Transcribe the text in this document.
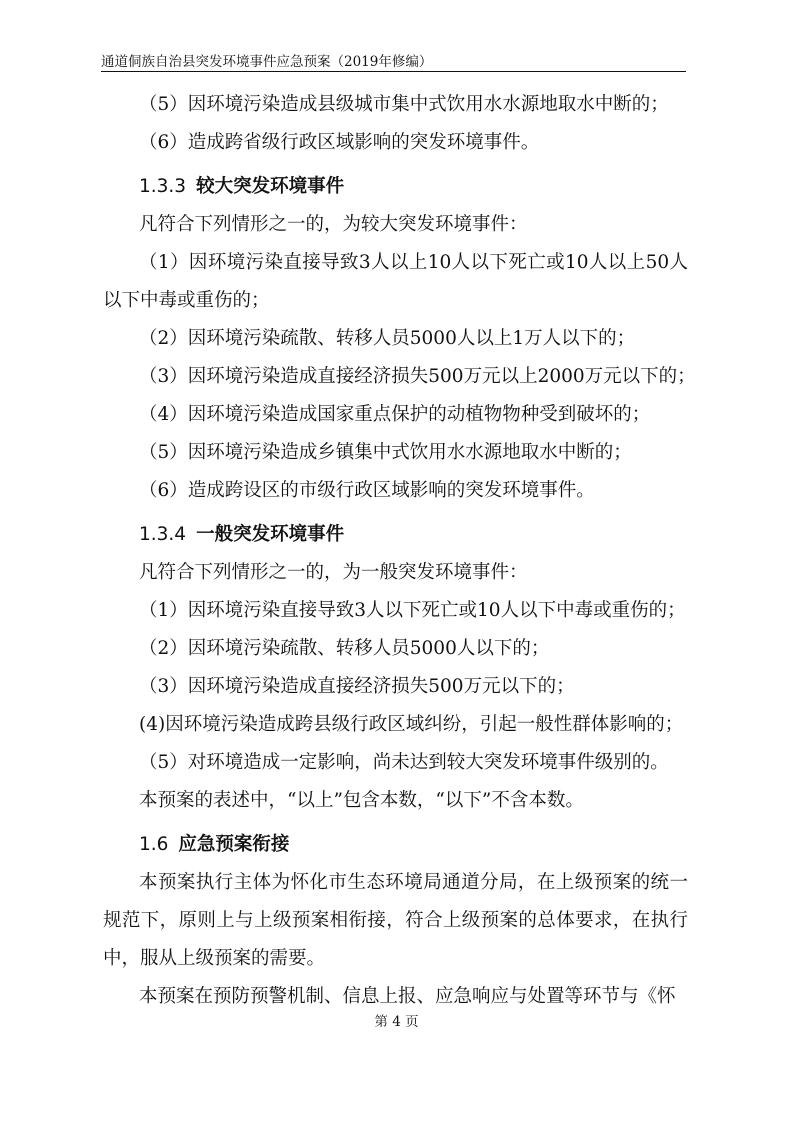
通道侗族自治县突发环境事件应急预案（2019年修编）

（5）因环境污染造成县级城市集中式饮用水水源地取水中断的；

（6）造成跨省级行政区域影响的突发环境事件。

1.3.3 较大突发环境事件

凡符合下列情形之一的，为较大突发环境事件：

（1）因环境污染直接导致3人以上10人以下死亡或10人以上50人以下中毒或重伤的；

（2）因环境污染疏散、转移人员5000人以上1万人以下的；

（3）因环境污染造成直接经济损失500万元以上2000万元以下的；

（4）因环境污染造成国家重点保护的动植物物种受到破坏的；

（5）因环境污染造成乡镇集中式饮用水水源地取水中断的；

（6）造成跨设区的市级行政区域影响的突发环境事件。

1.3.4 一般突发环境事件

凡符合下列情形之一的，为一般突发环境事件：

（1）因环境污染直接导致3人以下死亡或10人以下中毒或重伤的；

（2）因环境污染疏散、转移人员5000人以下的；

（3）因环境污染造成直接经济损失500万元以下的；

(4)因环境污染造成跨县级行政区域纠纷，引起一般性群体影响的；

（5）对环境造成一定影响，尚未达到较大突发环境事件级别的。

本预案的表述中，“以上”包含本数，“以下”不含本数。

1.6 应急预案衔接

本预案执行主体为怀化市生态环境局通道分局，在上级预案的统一规范下，原则上与上级预案相衔接，符合上级预案的总体要求，在执行中，服从上级预案的需要。

本预案在预防预警机制、信息上报、应急响应与处置等环节与《怀

第 4 页
